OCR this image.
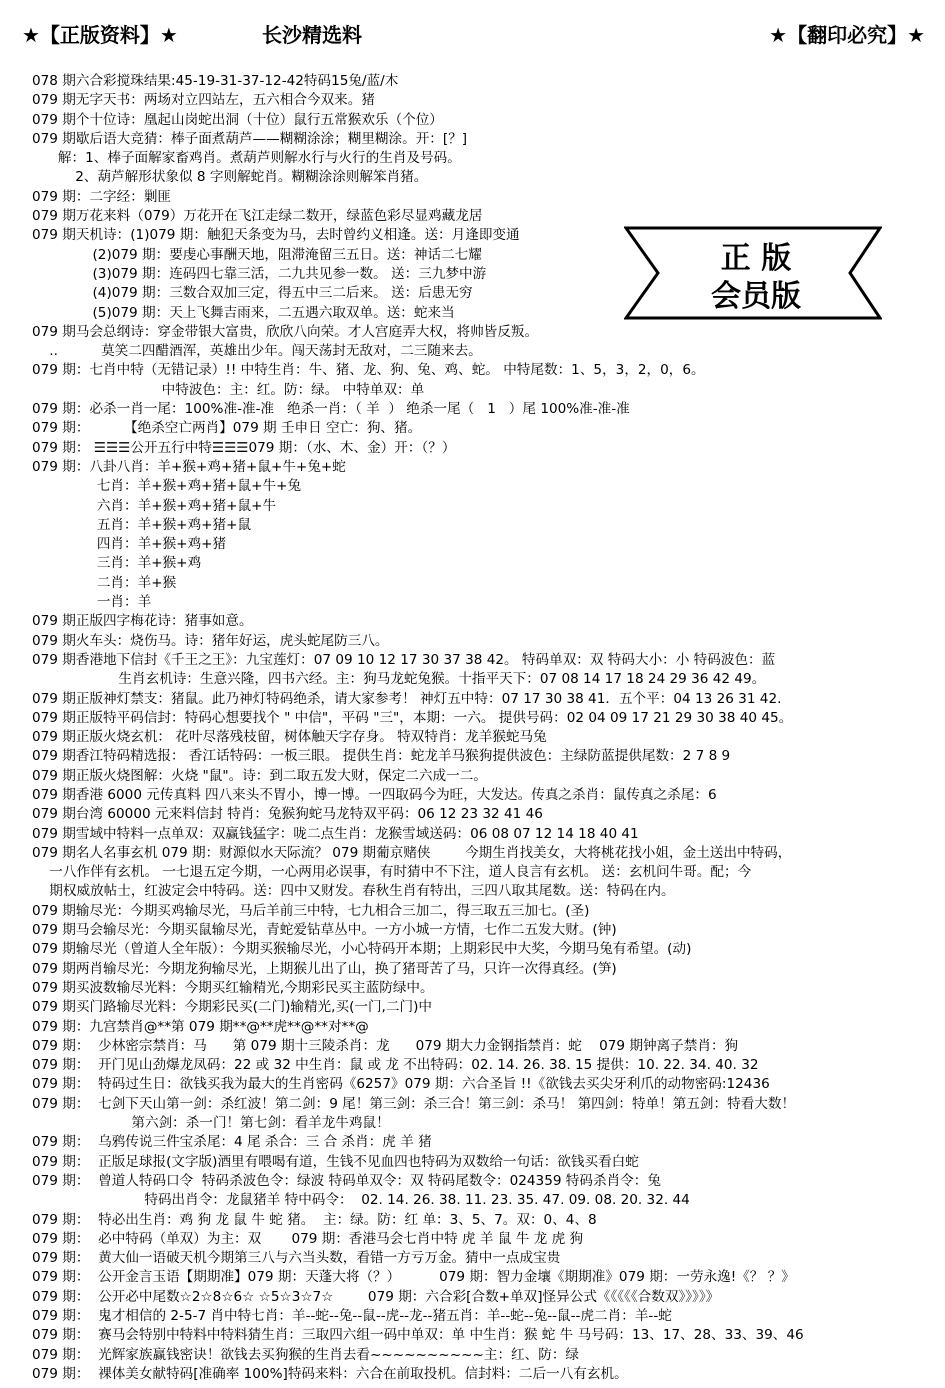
★【正版资料】★	长沙精选料	★【翻印必究】★
078 期六合彩搅珠结果:45-19-31-37-12-42特码15兔/蓝/木
079 期无字天书：两场对立四站左，五六相合今双来。猪
079 期个十位诗：凰起山岗蛇出洞（十位）鼠行五常猴欢乐（个位）
079 期歇后语大竞猜：棒子面煮葫芦——糊糊涂涂；糊里糊涂。开：[？]
解：1、棒子面解家畜鸡肖。煮葫芦则解水行与火行的生肖及号码。
2、葫芦解形状象似 8 字则解蛇肖。糊糊涂涂则解笨肖猪。
079 期：二字经：剿匪
079 期万花来料（079）万花开在飞江走绿二数开，绿蓝色彩尽显鸡藏龙居
079 期天机诗：(1)079 期：触犯天条变为马，去时曾约义相逢。送：月逢即变通
(2)079 期：要虔心事酬天地，阻滞淹留三五日。送：神话二七耀
(3)079 期：连码四七靠三活，二九共见参一数。 送：三九梦中游
(4)079 期：三数合双加三定，得五中三二后来。 送：后患无穷
(5)079 期：天上飞舞吉雨来，二五遇六取双单。送：蛇来当
079 期马会总纲诗：穿金带银大富贵，欣欣八向荣。才人宫庭弄大权，将帅皆反叛。
..          莫笑二四醋酒浑，英雄出少年。闯天荡封无敌对，二三随来去。
079 期：七肖中特（无错记录）!! 中特生肖：牛、猪、龙、狗、兔、鸡、蛇。 中特尾数：1、5，3，2，0，6。
中特波色：主：红。防：绿。 中特单双：单
079 期：必杀一肖一尾：100%准-准-准   绝杀一肖：（ 羊  ） 绝杀一尾（   1   ）尾 100%准-准-准
079 期：        【绝杀空亡两肖】079 期 壬申日 空亡：狗、猪。
079 期： ☰☰☰公开五行中特☰☰☰079 期：（水、木、金）开：（？）
079 期：八卦八肖：羊+猴+鸡+猪+鼠+牛+兔+蛇
七肖：羊+猴+鸡+猪+鼠+牛+兔
六肖：羊+猴+鸡+猪+鼠+牛
五肖：羊+猴+鸡+猪+鼠
四肖：羊+猴+鸡+猪
三肖：羊+猴+鸡
二肖：羊+猴
一肖：羊
079 期正版四字梅花诗：猪事如意。
079 期火车头：烧伤马。诗：猪年好运，虎头蛇尾防三八。
079 期香港地下信封《千王之王》：九宝莲灯：07 09 10 12 17 30 37 38 42。 特码单双：双 特码大小：小 特码波色：蓝
生肖玄机诗：生意兴隆，四书六经。主：狗马龙蛇兔猴。十指平天下：07 08 14 17 18 24 29 36 42 49。
079 期正版神灯禁支：猪鼠。此乃神灯特码绝杀，请大家参考！ 神灯五中特：07 17 30 38 41．五个平：04 13 26 31 42.
079 期正版特平码信封：特码心想要找个 " 中信"，平码 "三"，本期：一六。 提供号码：02 04 09 17 21 29 30 38 40 45。
079 期正版火烧玄机： 花叶尽落残枝留，树体触天字存身。 特双特肖：龙羊猴蛇马兔
079 期香江特码精选报： 香江话特码：一板三眼。 提供生肖：蛇龙羊马猴狗提供波色：主绿防蓝提供尾数：2 7 8 9
079 期正版火烧图解：火烧 "鼠"。诗：到二取五发大财，保定二六成一二。
079 期香港 6000 元传真料 四八来头不胃小，博一博。一四取码今为旺，大发达。传真之杀肖：鼠传真之杀尾：6
079 期台湾 60000 元来料信封 特肖：兔猴狗蛇马龙特双平码：06 12 23 32 41 46
079 期雪域中特料一点单双：双赢钱猛字：咙二点生肖：龙猴雪域送码：06 08 07 12 14 18 40 41
079 期名人名事玄机 079 期：财源似水天际流？ 079 期葡京赌侠        今期生肖找美女，大将桃花找小姐，金土送出中特码，
一八作伴有玄机。 一七退五定今期，一心两用必误事，有时猜中不下注，道人良言有玄机。 送：玄机问牛哥。配；今
期权威放帖士，红波定会中特码。送：四中又财发。春秋生肖有特出，三四八取其尾数。送：特码在内。
079 期输尽光：今期买鸡输尽光，马后羊前三中特，七九相合三加二，得三取五三加七。(圣)
079 期马会输尽光：今期买鼠输尽光，青蛇爱钻草丛中。一方小城一方情，七作二五发大财。(钟)
079 期输尽光（曾道人全年版）：今期买猴输尽光，小心特码开本期；上期彩民中大奖，今期马兔有希望。(动)
079 期两肖输尽光：今期龙狗输尽光，上期猴儿出了山，换了猪哥苦了马，只许一次得真经。(笋)
079 期买波数输尽光料：今期买红输精光,今期彩民买主蓝防绿中。
079 期买门路输尽光料：今期彩民买(二门)输精光,买(一门,二门)中
079 期：九宫禁肖@**第 079 期**@**虎**@**对**@
079 期：  少林密宗禁肖：马      第 079 期十三陵杀肖：龙      079 期大力金钢指禁肖：蛇    079 期钟离子禁肖：狗
079 期：  开门见山劲爆龙凤码：22 或 32 中生肖：鼠 或 龙 不出特码：02. 14. 26. 38. 15 提供：10. 22. 34. 40. 32
079 期：  特码过生日：欲钱买我为最大的生肖密码《6257》079 期：六合圣旨 !!《欲钱去买尖牙利爪的动物密码:12436
079 期：  七剑下天山第一剑：杀红波！第二剑：9 尾！第三剑：杀三合！第三剑：杀马！ 第四剑：特单！第五剑：特看大数！
第六剑：杀一门！第七剑：看羊龙牛鸡鼠！
079 期：  乌鸦传说三件宝杀尾：4 尾 杀合：三 合 杀肖：虎 羊 猪
079 期：  正版足球报(文字版)酒里有喂喝有道，生钱不见血四也特码为双数给一句话：欲钱买看白蛇
079 期：  曾道人特码口令  特码杀波色令：绿波 特码单双令：双 特码尾数令：024359 特码杀肖令：兔
特码出肖令：龙鼠猪羊 特中码令：  02. 14. 26. 38. 11. 23. 35. 47. 09. 08. 20. 32. 44
079 期：  特必出生肖：鸡 狗 龙 鼠 牛 蛇 猪。  主：绿。防：红 单：3、5、7。双：0、4、8
079 期：  必中特码（单双）为主：双       079 期：香港马会七肖中特 虎 羊 鼠 牛 龙 虎 狗
079 期：  黄大仙一语破天机今期第三八与六当头数，看错一方亏万金。猜中一点成宝贵
079 期：  公开金言玉语【期期准】079 期：天蓬大将（？）         079 期：智力金壤《期期准》079 期：一劳永逸!《？ ？》
079 期：  公开必中尾数☆2☆8☆6☆ ☆5☆3☆7☆        079 期：六合彩[合数+单双]怪异公式《《《《《合数双》》》》》
079 期：  鬼才相信的 2-5-7 肖中特七肖：羊--蛇--兔--鼠--虎--龙--猪五肖：羊--蛇--兔--鼠--虎二肖：羊--蛇
079 期：  赛马会特别中特料中特料猜生肖：三取四六组一码中单双：单 中生肖：猴 蛇 牛 马号码：13、17、28、33、39、46
079 期：  光辉家族赢钱密诀！欲钱去买狗猴的生肖去看~~~~~~~~~~主：红、防：绿
079 期：  裸体美女献特码[准确率 100%]特码来料：六合在前取投机。信封料：二后一八有玄机。
正 版
会员版
